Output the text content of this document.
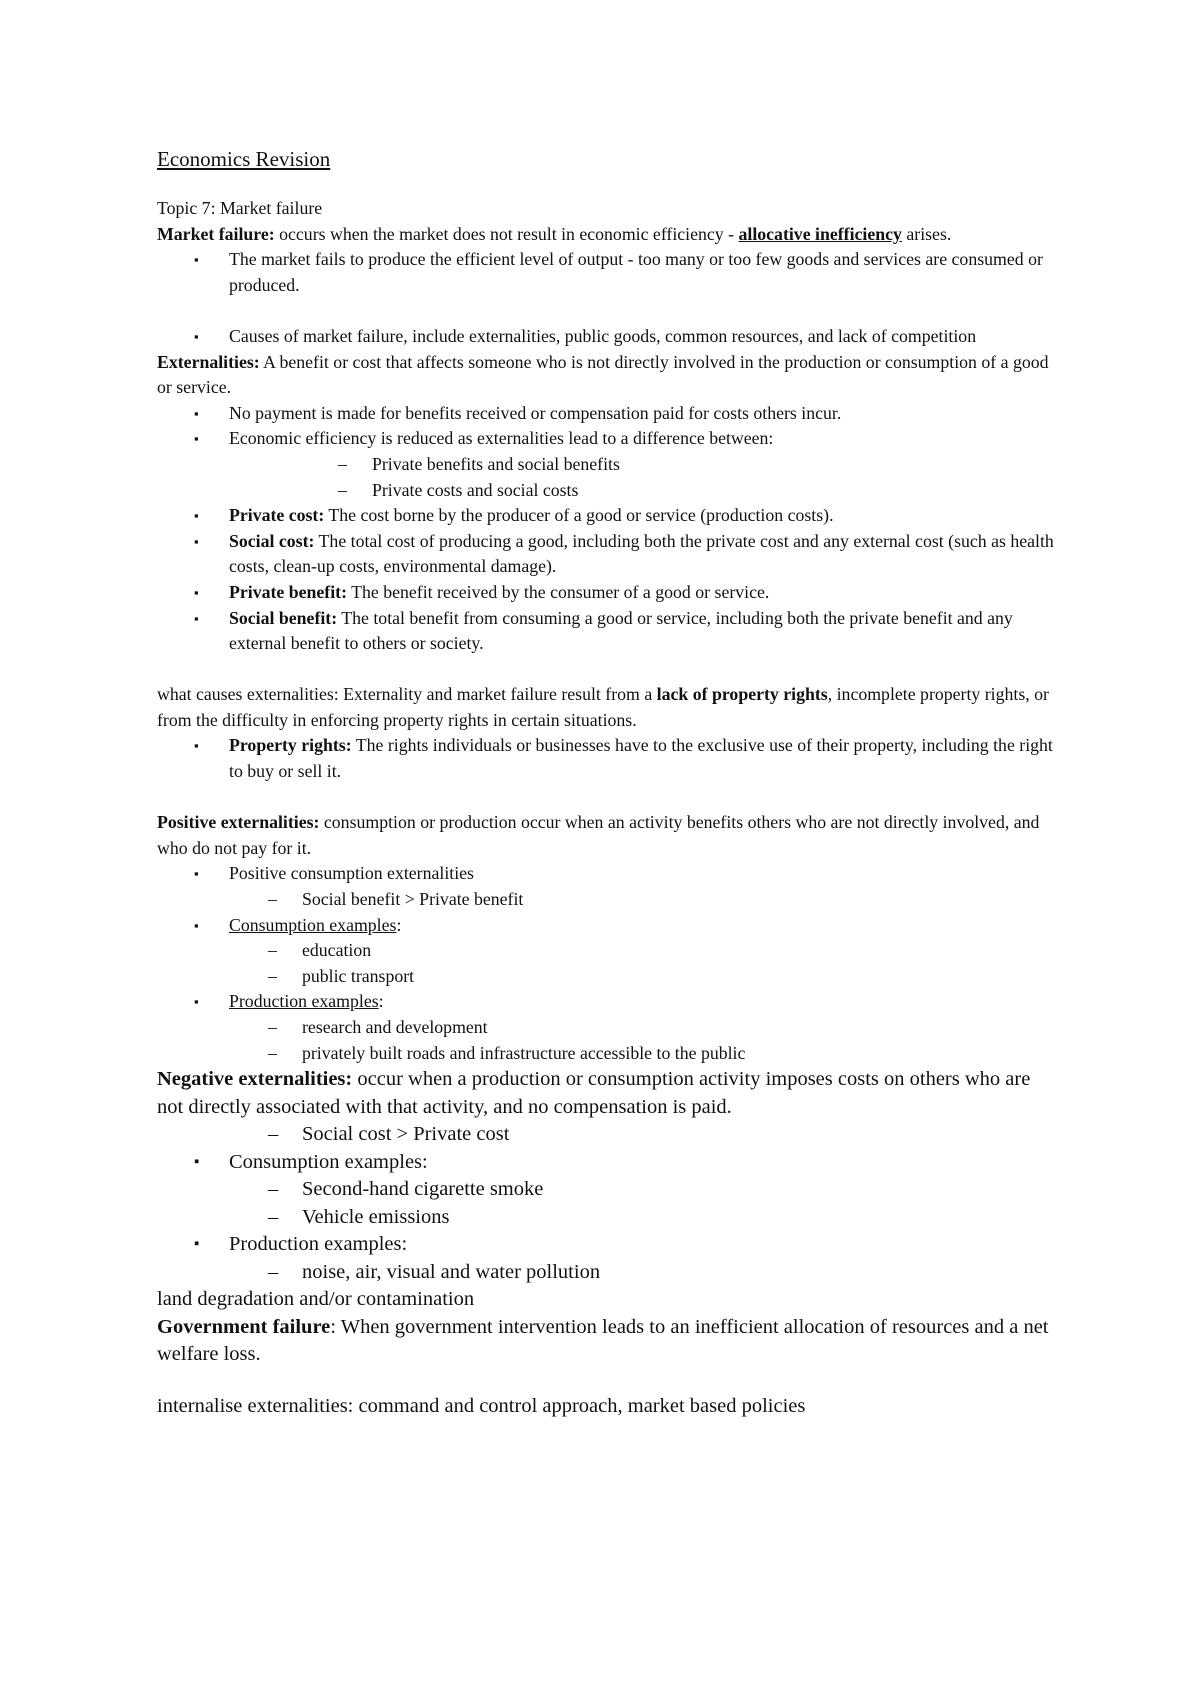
Economics Revision

Topic 7: Market failure

Market failure: occurs when the market does not result in economic efficiency - allocative inefficiency arises.

▪ The market fails to produce the efficient level of output - too many or too few goods and services are consumed or produced.
▪ Causes of market failure, include externalities, public goods, common resources, and lack of competition

Externalities: A benefit or cost that affects someone who is not directly involved in the production or consumption of a good or service.

▪ No payment is made for benefits received or compensation paid for costs others incur.
▪ Economic efficiency is reduced as externalities lead to a difference between:
– Private benefits and social benefits
– Private costs and social costs
▪ Private cost: The cost borne by the producer of a good or service (production costs).
▪ Social cost: The total cost of producing a good, including both the private cost and any external cost (such as health costs, clean-up costs, environmental damage).
▪ Private benefit: The benefit received by the consumer of a good or service.
▪ Social benefit: The total benefit from consuming a good or service, including both the private benefit and any external benefit to others or society.

what causes externalities: Externality and market failure result from a lack of property rights, incomplete property rights, or from the difficulty in enforcing property rights in certain situations.

▪ Property rights: The rights individuals or businesses have to the exclusive use of their property, including the right to buy or sell it.

Positive externalities: consumption or production occur when an activity benefits others who are not directly involved, and who do not pay for it.

▪ Positive consumption externalities
– Social benefit > Private benefit
▪ Consumption examples:
– education
– public transport
▪ Production examples:
– research and development
– privately built roads and infrastructure accessible to the public

Negative externalities: occur when a production or consumption activity imposes costs on others who are not directly associated with that activity, and no compensation is paid.

– Social cost > Private cost
▪ Consumption examples:
– Second-hand cigarette smoke
– Vehicle emissions
▪ Production examples:
– noise, air, visual and water pollution

land degradation and/or contamination

Government failure: When government intervention leads to an inefficient allocation of resources and a net welfare loss.

internalise externalities: command and control approach, market based policies
